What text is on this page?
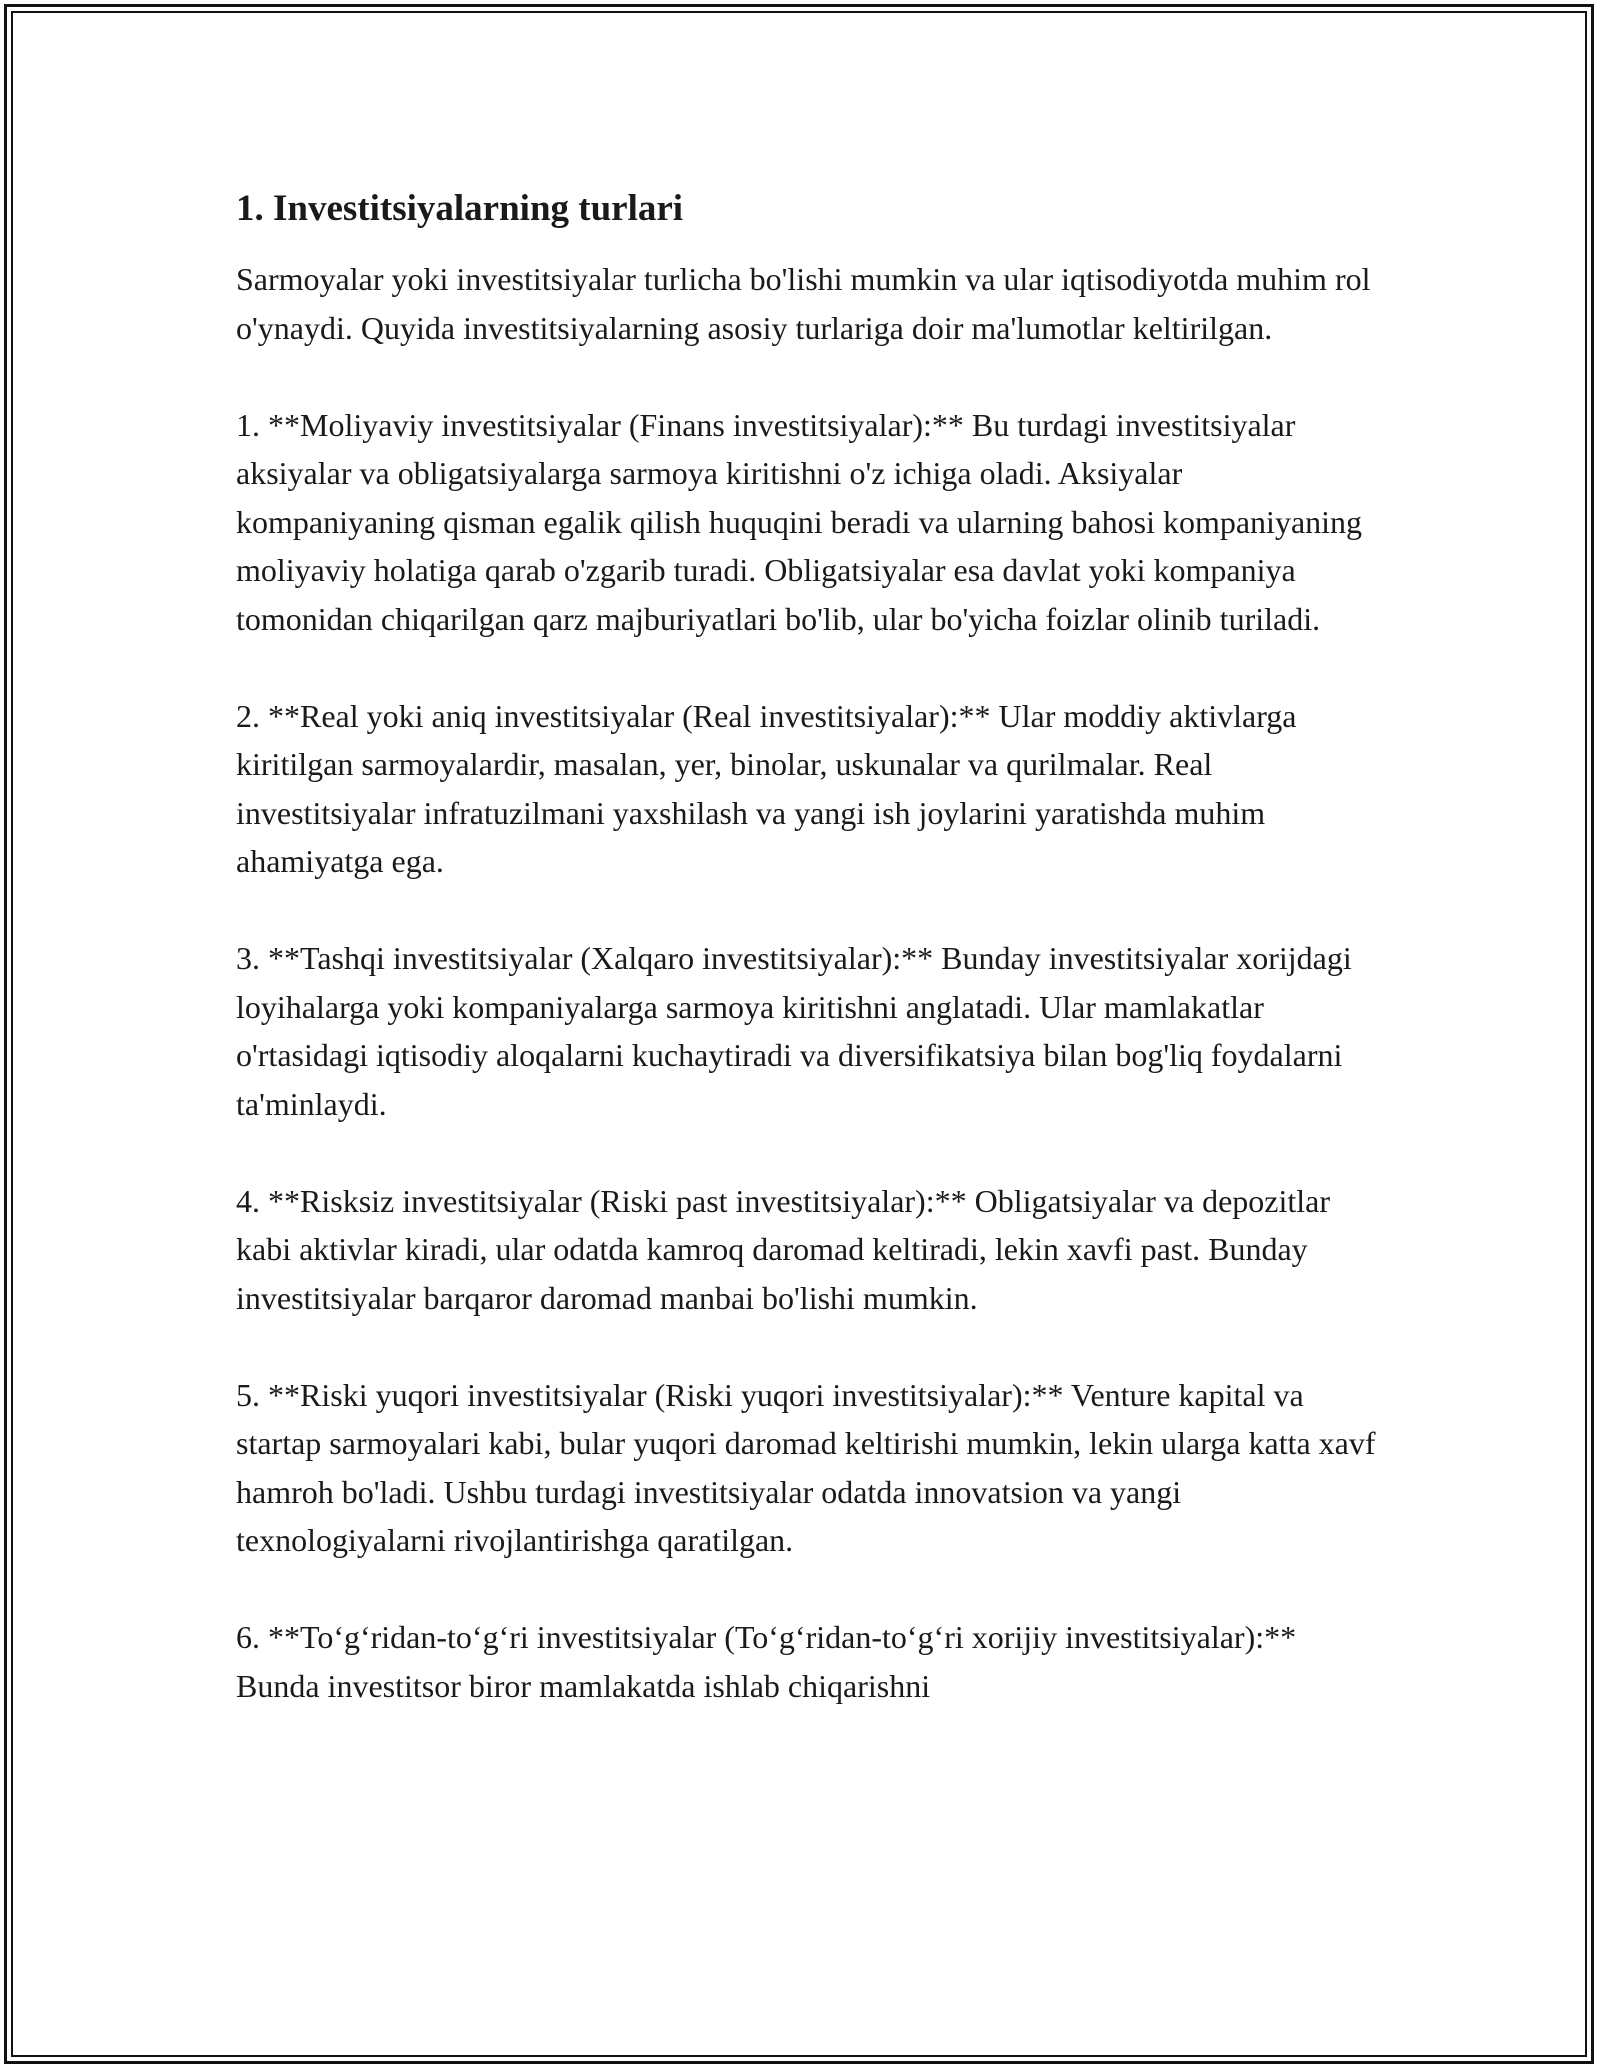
1. Investitsiyalarning turlari

Sarmoyalar yoki investitsiyalar turlicha bo'lishi mumkin va ular iqtisodiyotda muhim rol o'ynaydi. Quyida investitsiyalarning asosiy turlariga doir ma'lumotlar keltirilgan.

1. **Moliyaviy investitsiyalar (Finans investitsiyalar):** Bu turdagi investitsiyalar aksiyalar va obligatsiyalarga sarmoya kiritishni o'z ichiga oladi. Aksiyalar kompaniyaning qisman egalik qilish huquqini beradi va ularning bahosi kompaniyaning moliyaviy holatiga qarab o'zgarib turadi. Obligatsiyalar esa davlat yoki kompaniya tomonidan chiqarilgan qarz majburiyatlari bo'lib, ular bo'yicha foizlar olinib turiladi.

2. **Real yoki aniq investitsiyalar (Real investitsiyalar):** Ular moddiy aktivlarga kiritilgan sarmoyalardir, masalan, yer, binolar, uskunalar va qurilmalar. Real investitsiyalar infratuzilmani yaxshilash va yangi ish joylarini yaratishda muhim ahamiyatga ega.

3. **Tashqi investitsiyalar (Xalqaro investitsiyalar):** Bunday investitsiyalar xorijdagi loyihalarga yoki kompaniyalarga sarmoya kiritishni anglatadi. Ular mamlakatlar o'rtasidagi iqtisodiy aloqalarni kuchaytiradi va diversifikatsiya bilan bog'liq foydalarni ta'minlaydi.

4. **Risksiz investitsiyalar (Riski past investitsiyalar):** Obligatsiyalar va depozitlar kabi aktivlar kiradi, ular odatda kamroq daromad keltiradi, lekin xavfi past. Bunday investitsiyalar barqaror daromad manbai bo'lishi mumkin.

5. **Riski yuqori investitsiyalar (Riski yuqori investitsiyalar):** Venture kapital va startap sarmoyalari kabi, bular yuqori daromad keltirishi mumkin, lekin ularga katta xavf hamroh bo'ladi. Ushbu turdagi investitsiyalar odatda innovatsion va yangi texnologiyalarni rivojlantirishga qaratilgan.

6. **To‘g‘ridan-to‘g‘ri investitsiyalar (To‘g‘ridan-to‘g‘ri xorijiy investitsiyalar):** Bunda investitsor biror mamlakatda ishlab chiqarishni
